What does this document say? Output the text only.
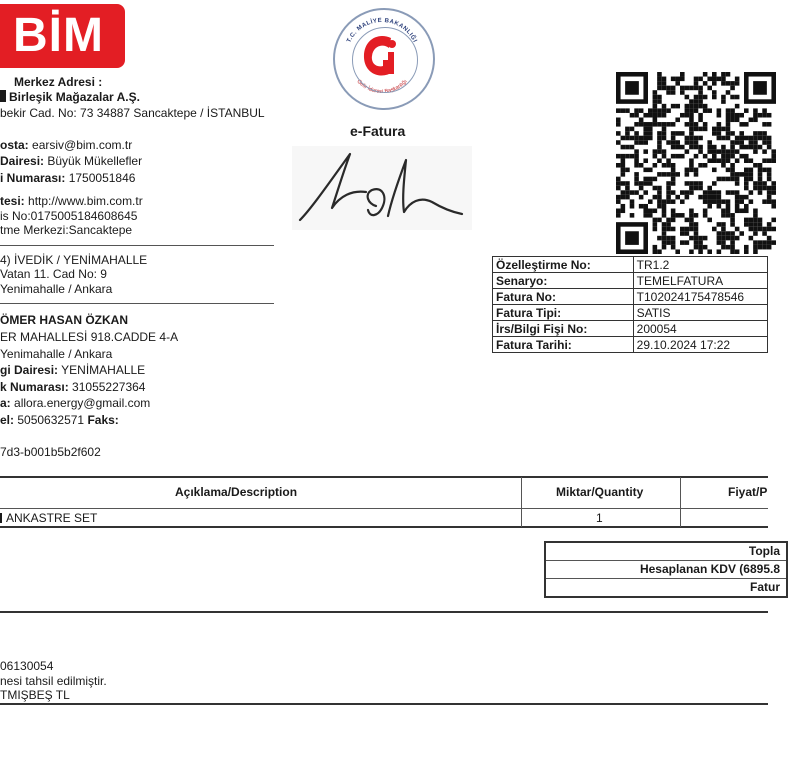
BİM
Merkez Adresi :
Birleşik Mağazalar A.Ş.
bekir Cad. No: 73 34887 Sancaktepe / İSTANBUL
osta: earsiv@bim.com.tr
Dairesi: Büyük Mükellefler
i Numarası: 1750051846
tesi: http://www.bim.com.tr
is No:0175005184608645
tme Merkezi:Sancaktepe
4) İVEDİK / YENİMAHALLE
Vatan 11. Cad No: 9
Yenimahalle / Ankara
ÖMER HASAN ÖZKAN
ER MAHALLESİ 918.CADDE 4-A
Yenimahalle / Ankara
gi Dairesi: YENİMAHALLE
k Numarası: 31055227364
a: allora.energy@gmail.com
el: 5050632571 Faks:
7d3-b001b5b2f602
T.C. MALİYE BAKANLIĞI
Gelir İdaresi Başkanlığı
e-Fatura
Özelleştirme No:	TR1.2
Senaryo:	TEMELFATURA
Fatura No:	T102024175478546
Fatura Tipi:	SATIS
İrs/Bilgi Fişi No:	200054
Fatura Tarihi:	29.10.2024 17:22
Açıklama/Description	Miktar/Quantity	Fiyat/P
ANKASTRE SET	1
Topla
Hesaplanan KDV (6895.8
Fatur
06130054
nesi tahsil edilmiştir.
TMIŞBEŞ TL
